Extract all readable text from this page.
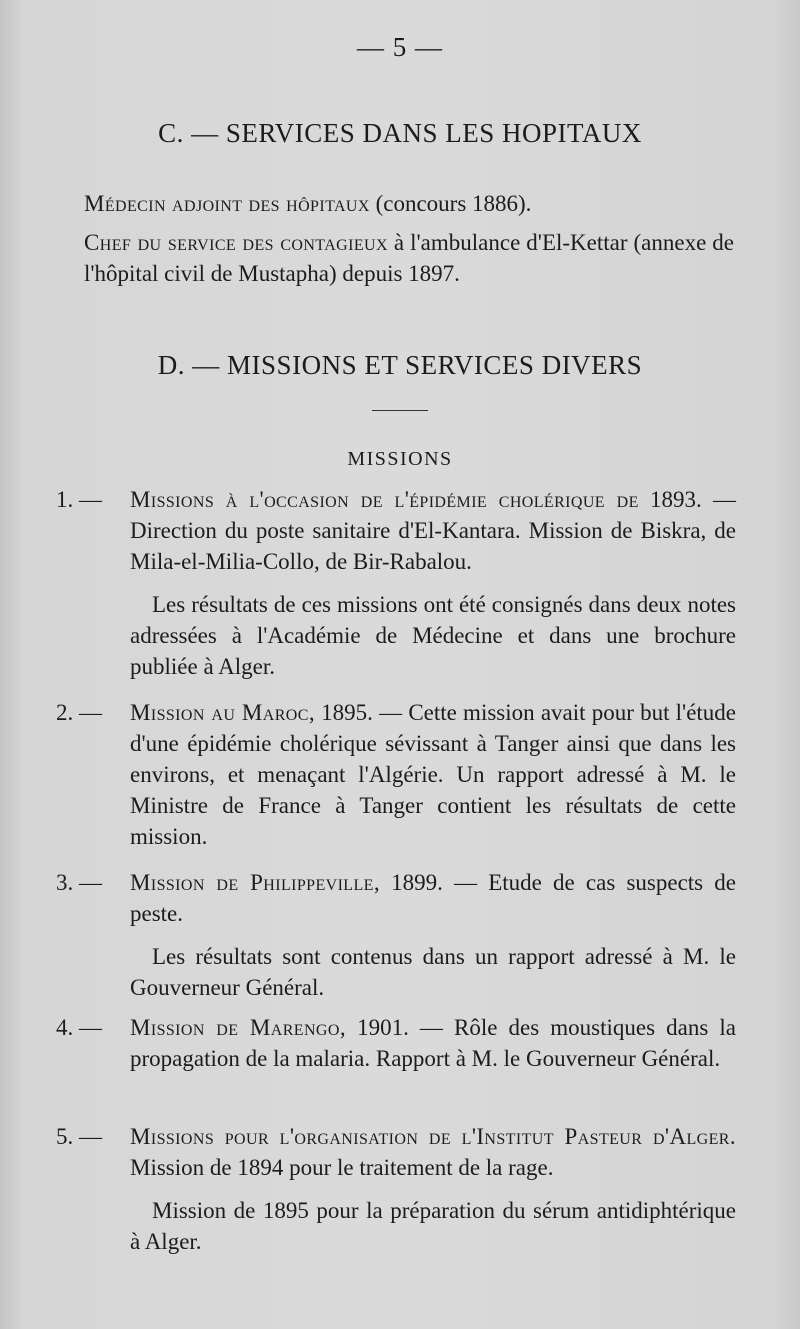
— 5 —
C. — SERVICES DANS LES HOPITAUX
Médecin adjoint des hôpitaux (concours 1886).
Chef du service des contagieux à l'ambulance d'El-Kettar (annexe de l'hôpital civil de Mustapha) depuis 1897.
D. — MISSIONS ET SERVICES DIVERS
MISSIONS
1. — Missions à l'occasion de l'épidémie cholérique de 1893. — Direction du poste sanitaire d'El-Kantara. Mission de Biskra, de Mila-el-Milia-Collo, de Bir-Rabalou.
Les résultats de ces missions ont été consignés dans deux notes adressées à l'Académie de Médecine et dans une brochure publiée à Alger.
2. — Mission au Maroc, 1895. — Cette mission avait pour but l'étude d'une épidémie cholérique sévissant à Tanger ainsi que dans les environs, et menaçant l'Algérie. Un rapport adressé à M. le Ministre de France à Tanger contient les résultats de cette mission.
3. — Mission de Philippeville, 1899. — Etude de cas suspects de peste.
Les résultats sont contenus dans un rapport adressé à M. le Gouverneur Général.
4. — Mission de Marengo, 1901. — Rôle des moustiques dans la propagation de la malaria. Rapport à M. le Gouverneur Général.
5. — Missions pour l'organisation de l'Institut Pasteur d'Alger. Mission de 1894 pour le traitement de la rage.
Mission de 1895 pour la préparation du sérum antidiphtérique à Alger.
